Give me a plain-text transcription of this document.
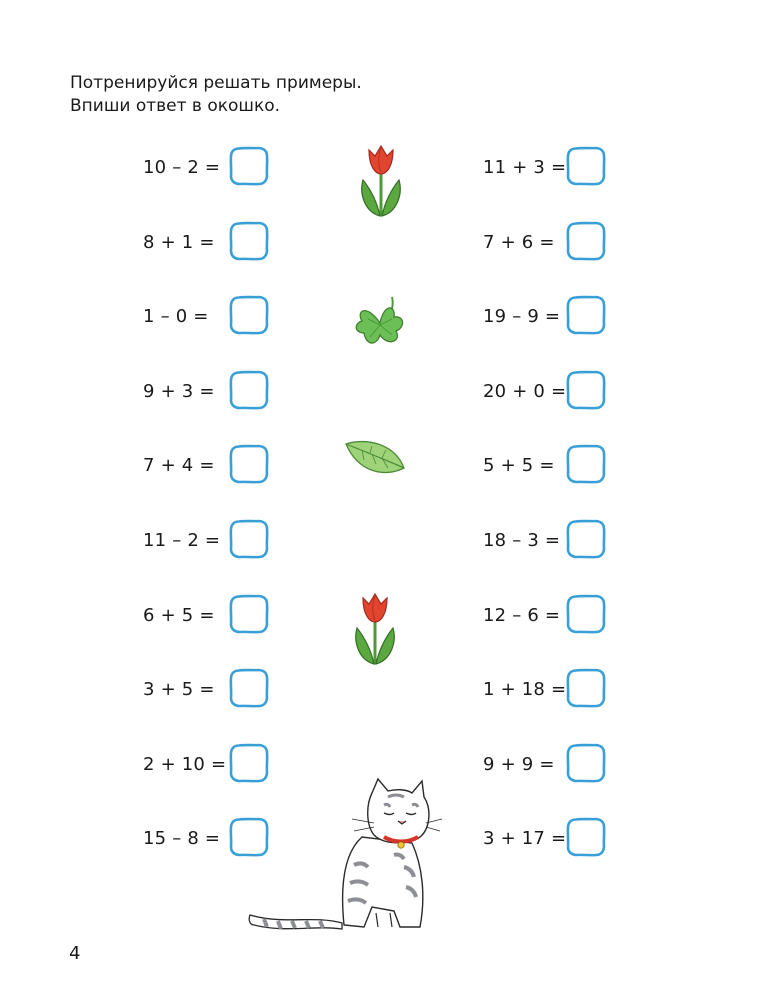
Потренируйся решать примеры.
Впиши ответ в окошко.
10 – 2 =
8 + 1 =
1 – 0 =
9 + 3 =
7 + 4 =
11 – 2 =
6 + 5 =
3 + 5 =
2 + 10 =
15 – 8 =
11 + 3 =
7 + 6 =
19 – 9 =
20 + 0 =
5 + 5 =
18 – 3 =
12 – 6 =
1 + 18 =
9 + 9 =
3 + 17 =
4
